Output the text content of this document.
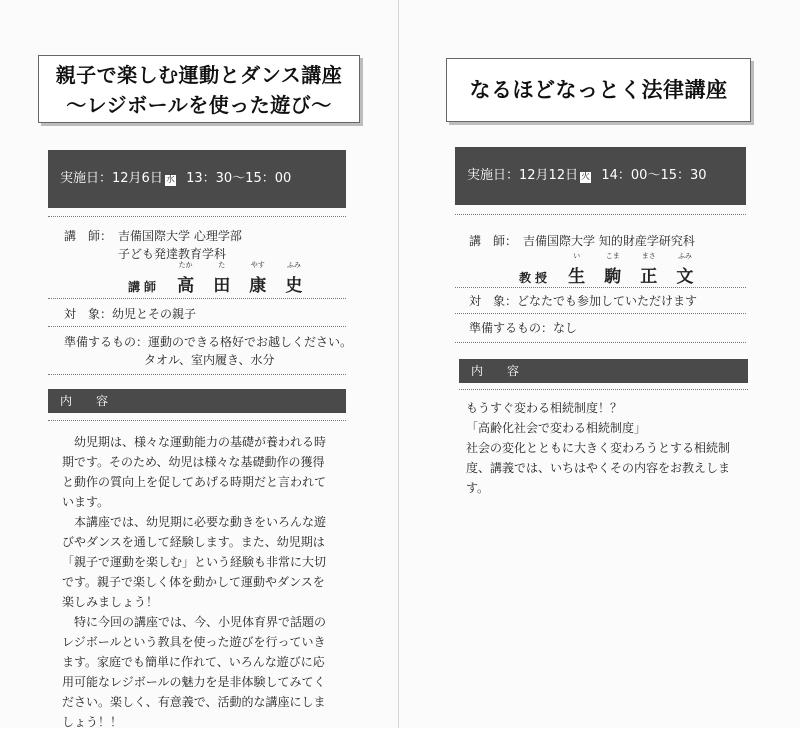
親子で楽しむ運動とダンス講座
〜レジボールを使った遊び〜
実施日：12月6日 水 13：30〜15：00
講　師： 吉備国際大学 心理学部
子ども発達教育学科
講師
たか
高
た
田
やす
康
ふみ
史
対　象：幼児とその親子
準備するもの：運動のできる格好でお越しください。
タオル、室内履き、水分
内　容

幼児期は、様々な運動能力の基礎が養われる時

期です。そのため、幼児は様々な基礎動作の獲得

と動作の質向上を促してあげる時期だと言われて

います。

本講座では、幼児期に必要な動きをいろんな遊

びやダンスを通して経験します。また、幼児期は

「親子で運動を楽しむ」という経験も非常に大切

です。親子で楽しく体を動かして運動やダンスを

楽しみましょう！

特に今回の講座では、今、小児体育界で話題の

レジボールという教具を使った遊びを行っていき

ます。家庭でも簡単に作れて、いろんな遊びに応

用可能なレジボールの魅力を是非体験してみてく

ださい。楽しく、有意義で、活動的な講座にしま

しょう！！

なるほどなっとく法律講座
実施日：12月12日 火 14：00〜15：30
講　師： 吉備国際大学 知的財産学研究科
教授
い
生
こま
駒
まさ
正
ふみ
文
対　象：どなたでも参加していただけます
準備するもの：なし
内　容

もうすぐ変わる相続制度！？

「高齢化社会で変わる相続制度」

社会の変化とともに大きく変わろうとする相続制

度、講義では、いちはやくその内容をお教えしま

す。
